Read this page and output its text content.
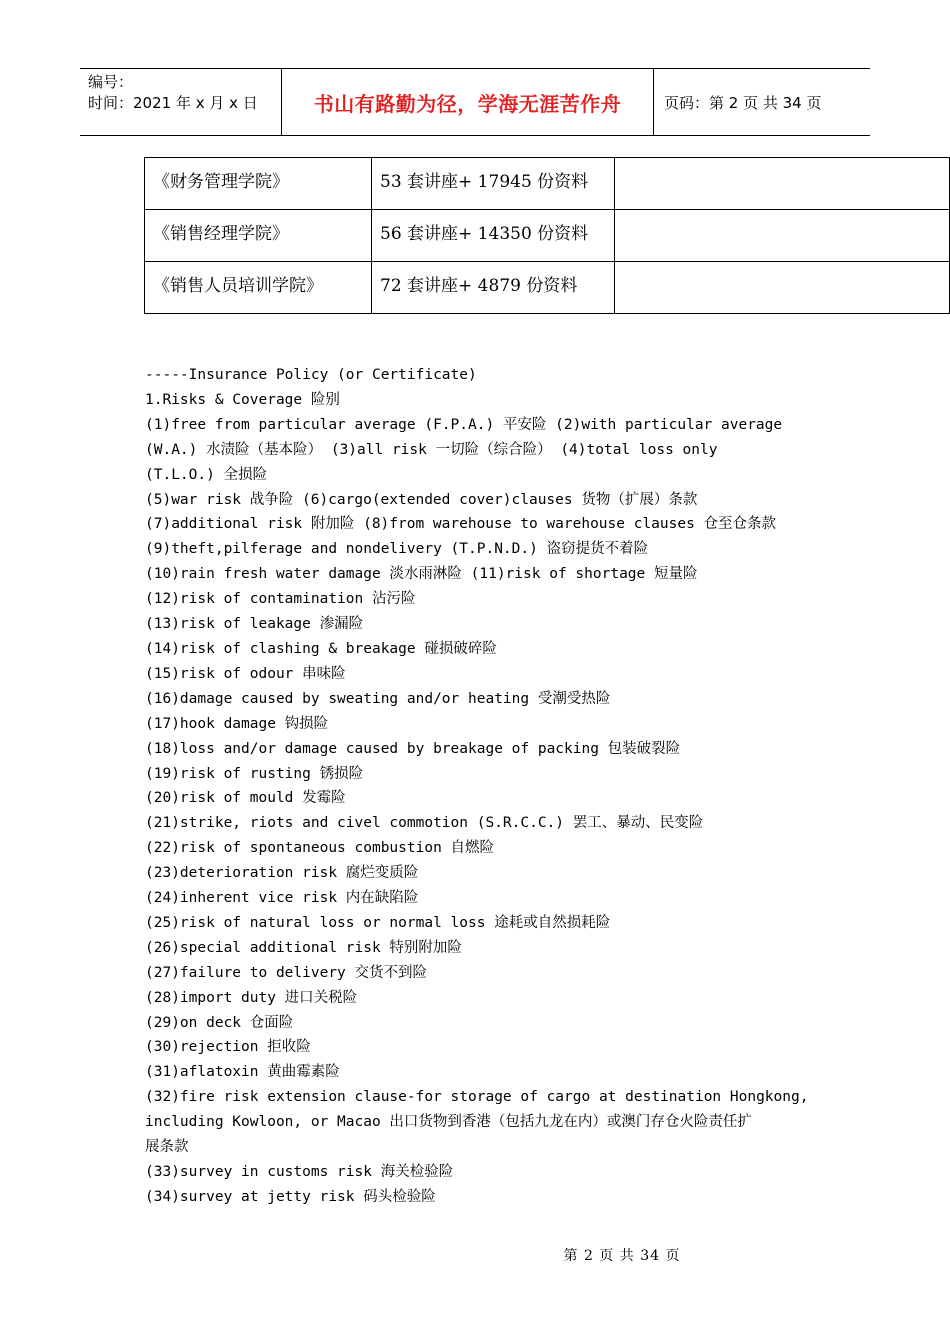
编号：
时间：2021 年 x 月 x 日	书山有路勤为径，学海无涯苦作舟	页码：第 2 页 共 34 页
《财务管理学院》	53 套讲座+ 17945 份资料	
《销售经理学院》	56 套讲座+ 14350 份资料	
《销售人员培训学院》	72 套讲座+ 4879 份资料	
-----Insurance Policy (or Certificate)
1.Risks & Coverage 险别
(1)free from particular average (F.P.A.) 平安险 (2)with particular average
(W.A.) 水渍险（基本险） (3)all risk 一切险（综合险） (4)total loss only
(T.L.O.) 全损险
(5)war risk 战争险 (6)cargo(extended cover)clauses 货物（扩展）条款
(7)additional risk 附加险 (8)from warehouse to warehouse clauses 仓至仓条款
(9)theft,pilferage and nondelivery (T.P.N.D.) 盗窃提货不着险
(10)rain fresh water damage 淡水雨淋险 (11)risk of shortage 短量险
(12)risk of contamination 沾污险
(13)risk of leakage 渗漏险
(14)risk of clashing & breakage 碰损破碎险
(15)risk of odour 串味险
(16)damage caused by sweating and/or heating 受潮受热险
(17)hook damage 钩损险
(18)loss and/or damage caused by breakage of packing 包装破裂险
(19)risk of rusting 锈损险
(20)risk of mould 发霉险
(21)strike, riots and civel commotion (S.R.C.C.) 罢工、暴动、民变险
(22)risk of spontaneous combustion 自燃险
(23)deterioration risk 腐烂变质险
(24)inherent vice risk 内在缺陷险
(25)risk of natural loss or normal loss 途耗或自然损耗险
(26)special additional risk 特别附加险
(27)failure to delivery 交货不到险
(28)import duty 进口关税险
(29)on deck 仓面险
(30)rejection 拒收险
(31)aflatoxin 黄曲霉素险
(32)fire risk extension clause-for storage of cargo at destination Hongkong,
including Kowloon, or Macao 出口货物到香港（包括九龙在内）或澳门存仓火险责任扩
展条款
(33)survey in customs risk 海关检验险
(34)survey at jetty risk 码头检验险
第 2 页 共 34 页
